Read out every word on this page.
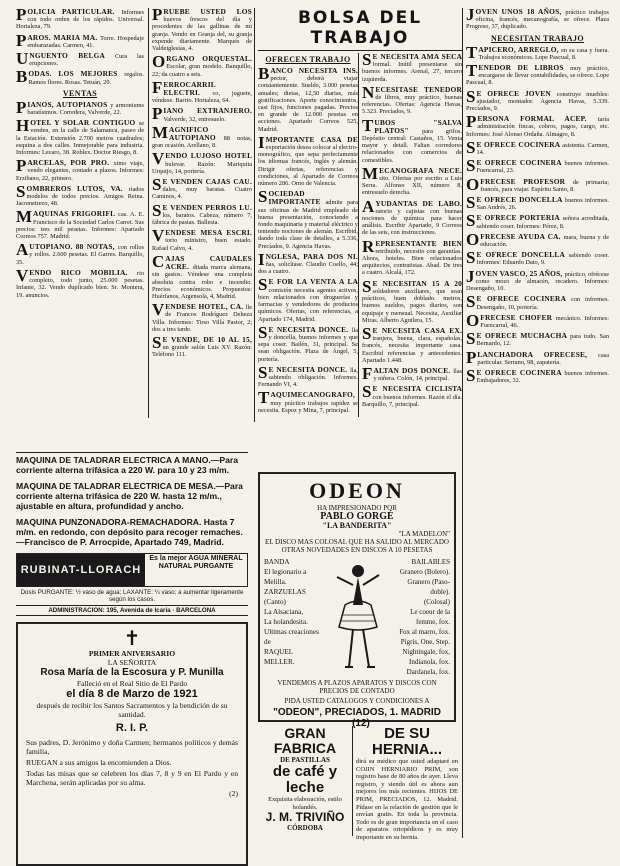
POLICIA PARTICULAR. Informes con todo orden de los rápidos. Universal. Hortaleza, 79.

PAROS. MARIA MA. Torre. Hospedaje embarazadas. Carmen, 41.

UNGUENTO BELGA Cura las erupciones.

BODAS. LOS MEJORES regalos. Ramos flores. Rosas. Tetuán, 20.

VENTAS

PIANOS, AUTOPIANOS y armoniums baratísimos. Corredera, Valverde, 22.

HOTEL Y SOLAR CONTIGUO se venden, en la calle de Salamanca, paseo de la Estación. Extensión 2.700 metros cuadrados; esquina a dos calles. Inmejorable para industria. Informes: Lecaro, 38. Roblex. Doctor Riesgo, 8.

PARCELAS, POR PRO. ximo viaje, vendo elegantes, contado a plazos. Informes: Erzibano, 22, primero.

SOMBREROS LUTOS, VA. riados modelos de todos precios. Amigos Reina. Jacometrezo, 48.

MAQUINAS FRIGORIFI. cas. A. E. Francisco de la Sociedad Carlos Carret. Sus precios: tres mil pesetas. Informes: Apartado Correos 757. Madrid.

AUTOPIANO. 88 NOTAS, con rollos y rollos. 2.600 pesetas. El Garres. Barquillo, 35.

VENDO RICO MOBILIA. rio completo, todo junto, 25.000 pesetas. Infante, 32. Vendo duplicado bien. Sr. Montera, 19. anuncios.

PRUEBE USTED LOS huevos frescos del día y procedentes de las gallinas de mi granja. Vendo en Granja del, su granja expende diariamente. Marqués de Valdeiglesias, 4.

ORGANO ORQUESTAL. Escolar, gran modelo. Banquillo, 22; da cuatro a seis.

FERROCARRIL ELECTRI. co, juguete, véndese. Barrio. Hortaleza, 64.

PIANO EXTRANJERO. Valverde, 32, entresuelo.

MAGNIFICO AUTOPIANO 88 notas, gran ocasión. Arellano, 8.

VENDO LUJOSO HOTEL bulevar. Razón: Mariquita Urquijo, 14, portería.

S E VENDEN CAJAS CAU. dales, muy baratas. Cuatro Caminos, 4.

S E VENDEN PERROS LU. los, baratos. Cabeza, número 7, fábrica de pastas. Ballesta.

VENDESE MESA ESCRI. torio ministro, buen estado. Rafael Calvo, 4.

CAJAS CAUDALES ACRE. ditada marca alemana, sin gastos. Véndese una completa absoluta contra robo e incendio. Precios económicos. Propuestos: Huérfanos, Argensola, 4, Madrid.

VENDESE HOTEL, CA. lle de Francos Rodríguez Deheza Villa. Informes: Tirso Villa Pastor, 2; dos a tres tarde.

S E VENDE, DE 10 AL 15, un grande salón Luis XV. Razón: Teléfono 111.

BOLSA DEL TRABAJO
OFRECEN TRABAJO

BANCO NECESITA INS. pector, deberá viajar constantemente. Sueldo, 3.000 pesetas anuales; dietas, 12,50 diarias, más gratificaciones. Aporte conocimientos, casi fijos, funciones pagadas. Precios en grande de 12.000 pesetas en acciones. Apartado Correos 525, Madrid.

IMPORTANTE CASA DE exportación desea colocar al electro-monográfico, que sepa perfectamente los idiomas francés, inglés y alemán. Dirigir ofertas, referencias y condiciones, al Apartado de Correos número 286. Orno de Valencia.

SOCIEDAD IMPORTANTE admite para sus oficinas de Madrid empleado de buena presentación, conociendo a fondo maquinaria y material eléctrico y teniendo nociones de alemán. Escribid, dando toda clase de detalles, a 5.336, Precíados, 9. Agencia Havas.

INGLESA, PARA DOS NI. ñas, solicítase. Claudio Coello, 44; dos a cuatro.

S E FOR LA VENTA A LA comisión necesita agentes activos, bien relacionados con droguerías y farmacias y vendedores de productos químicos. Ofertas, con referencias, a Apartado 174, Madrid.

S E NECESITA DONCE. lla y doncella, buenos informes y que sepa coser. Bailén, 31, principal. Se sean obligación. Plaza de Ángel, 5, portería.

S E NECESITA DONCE. lla, sabiendo obligación. Informes. Fernando VI, 4.

TAQUIMECANOGRAFO, muy práctico trabajos rapidez se necesita. Espoz y Mina, 7, principal.

S E NECESITA AMA SECA formal. Inútil presentarse sin buenos informes. Arenal, 27, tercero izquierda.

NECESITASE TENEDOR de libros, muy práctico, buenas referencias. Ofertas: Agencia Havas, 5.323. Precíados, 9.

TUBOS "SALVA PLATOS" para grifos. Depósito central: Castaños, 15. Venta mayor y detall. Faltan corredores relacionados con comercios de comestibles.

MECANOGRAFA NECE. sito. Ofertas por escrito a Luis Serra. Alfonso XII, número 8, entresuelo derecha.

AYUDANTAS DE LABO. ratorio y cajistas con buenas nociones de química para hacer análisis. Escribir Apartado, 9 Correos de las seis, con instrucciones.

REPRESENTANTE BIEN retribuido, necesito con garantías. Ahora, hoteles. Bien relacionados arquitectos, contratistas. Abad. De tres a cuatro. Alcalá, 172.

S E NECESITAN 15 A 20 soldadores auxiliares, que sean prácticos, buen doblado. metros, buenos sueldos, pagos diarios, son equipaje y mensual. Necesita, Auxiliar Miras. Alberto Aguilera, 15.

S E NECESITA CASA EX. tranjera, buena, clara, españolas, francés, necesita importante casa. Escribid referencias y antecedentes. Apartado 1.448.

FALTAN DOS DONCE. llas y niñera. Colón, 14, principal.

S E NECESITA CICLISTA con buenos informes. Razón el día. Barquillo, 7, principal.

JOVEN UNOS 18 AÑOS, práctico trabajos oficina, francés, mecanografía, se ofrece. Plaza Progreso, 37, duplicado.

NECESITAN TRABAJO

TAPICERO, ARREGLO, en su casa y fuera. Trabajos económicos. Lope Pascual, 8.

TENEDOR DE LIBROS muy práctico, encargarse de llevar contabilidades, se ofrece. Lope Pascual, 8.

S E OFRECE JOVEN construye muebles: ajustador, montador. Agencia Havas, 5.339. Precíados, 9.

PERSONA FORMAL ACEP. taría administración fincas, cobros, pagos, cargo, etc. Informes: José Alonso Ordaña. Almagro, 8.

S E OFRECE COCINERA asistenta. Carmen, 14.

S E OFRECE COCINERA buenos informes. Fuencarral, 23.

OFRECESE PROFESOR de primaria; francés, para viajar. Espíritu Santo, 8.

S E OFRECE DONCELLA buenos informes. San Andrés, 26.

S E OFRECE PORTERIA señora acreditada, sabiendo coser. Informes: Pérez, 8.

OFRECESE AYUDA CA. mara, buena y de educación.

S E OFRECE DONCELLA sabiendo coser. Informes: Eduardo Dato, 9.

JOVEN VASCO, 25 AÑOS, práctico, ofrécese como mozo de almacén, recadero. Informes: Desengaño, 10.

S E OFRECE COCINERA con informes. Desengaño, 10, portería.

OFRECESE CHOFER mecánico. Informes: Fuencarral, 46.

S E OFRECE MUCHACHA para todo. San Bernardo, 12.

PLANCHADORA OFRECESE, casa particular. Serrano, 98, zapatería.

S E OFRECE COCINERA buenos informes. Embajadores, 32.

MAQUINA DE TALADRAR ELECTRICA A MANO.—Para corriente alterna trifásica a 220 W. para 10 y 23 m/m.
MAQUINA DE TALADRAR ELECTRICA DE MESA.—Para corriente alterna trifásica de 220 W. hasta 12 m/m., ajustable en altura, profundidad y ancho.
MAQUINA PUNZONADORA-REMACHADORA. Hasta 7 m/m. en redondo, con depósito para recoger remaches.—Francisco de P. Arrocpide, Apartado 749, Madrid.
RUBINAT-LLORACH
Es la mejor AGUA MINERAL NATURAL PURGANTE
Dosis PURGANTE: ½ vaso de agua; LAXANTE: ¼ vaso; a aumentar ligeramente según los casos.
ADMINISTRACION: 195, Avenida de Icaria · BARCELONA
✝
PRIMER ANIVERSARIO
LA SEÑORITA
Rosa María de la Escosura y P. Munilla
Falleció en el Real Sitio de El Pardo
el día 8 de Marzo de 1921
después de recibir los Santos Sacramentos y la bendición de su santidad.
R. I. P.

Sus padres, D. Jerónimo y doña Carmen; hermanos políticos y demás familia,

RUEGAN a sus amigos la encomienden a Dios.

Todas las misas que se celebren los días 7, 8 y 9 en El Pardo y en Marchena, serán aplicadas por su alma.

(2)
ODEON
HA IMPRESIONADO POR
PABLO GORGÉ
"LA BANDERITA"
"LA MADELON"
EL DISCO MAS COLOSAL QUE HA SALIDO AL MERCADO
OTRAS NOVEDADES EN DISCOS A 10 PESETAS
BANDA
El legionario a
Melilla.
ZARZUELAS
(Canto)
La Alsaciana,
La holandesita.
Ultimas creaciones
de
RAQUEL
MELLER.
BAILABLES
Granero (Bolero).
Granero (Paso-doble).
(Colosal)
Le coeur de la femme, fox.
Fox al marro, fox.
Pigris, One, Step.
Nightingale, fox,
Indianola, fox.
Dardanela, fox.
VENDEMOS A PLAZOS APARATOS Y DISCOS CON PRECIOS DE CONTADO
PIDA USTED CATALOGOS Y CONDICIONES A
"ODEON", PRECIADOS, 1. MADRID (12)
GRAN FABRICA
DE PASTILLAS
de café y leche
Exquisita elaboración, estilo holandés.
J. M. TRIVIÑO
CÓRDOBA
DE SU HERNIA...
dirá su médico que usted adaptaré en COJIN HERNIARIO PRIM, son registro base de 80 años de ayer. Lleva registro, y siendo útil es ahora aun mejores los más recientes. HIJOS DE PRIM, PRECIADOS, 12. Madrid. Pídase en la relación de gestión que le envían gratis. En toda la provincia. Todo es de gran importancia en el caso de aparatos ortopédicos y es muy importante en su hernia.
